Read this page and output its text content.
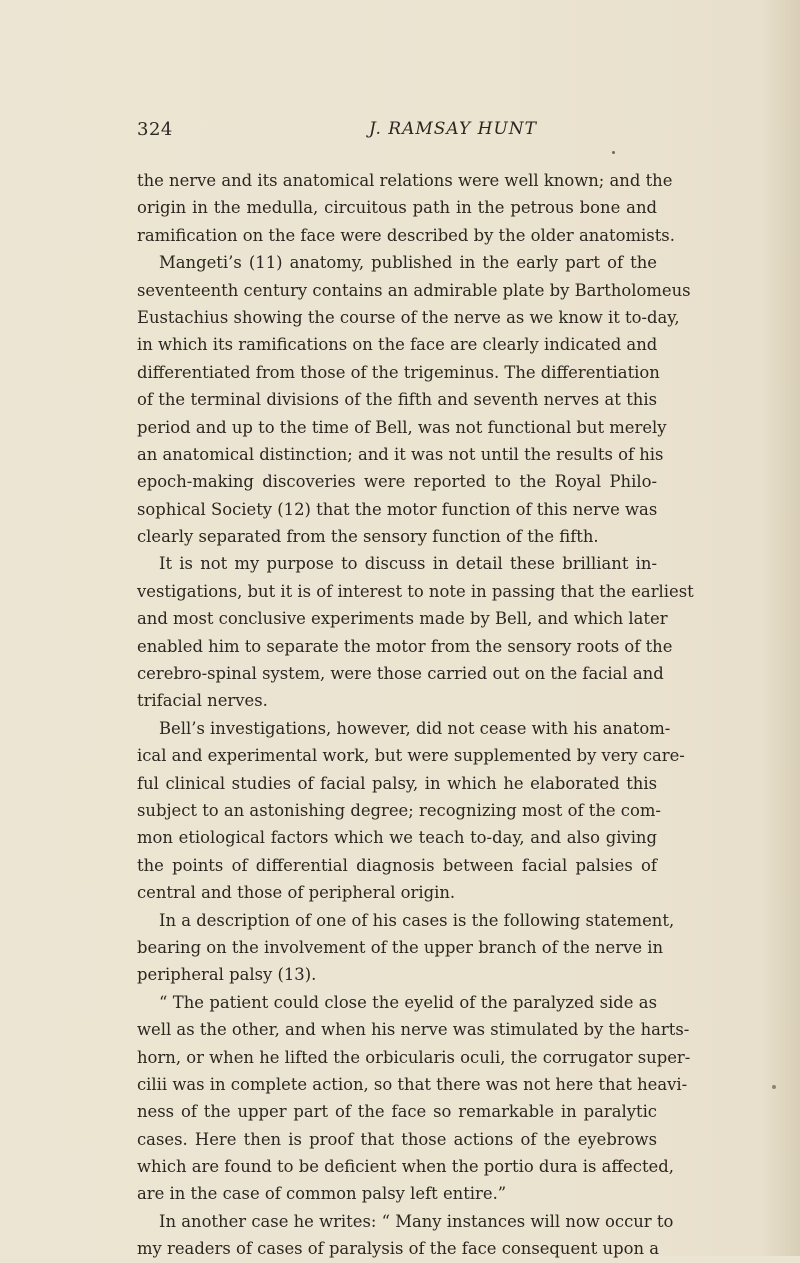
324	J. RAMSAY HUNT
the nerve and its anatomical relations were well known; and the
origin in the medulla, circuitous path in the petrous bone and
ramification on the face were described by the older anatomists.
Mangeti’s (11) anatomy, published in the early part of the
seventeenth century contains an admirable plate by Bartholomeus
Eustachius showing the course of the nerve as we know it to-day,
in which its ramifications on the face are clearly indicated and
differentiated from those of the trigeminus. The differentiation
of the terminal divisions of the fifth and seventh nerves at this
period and up to the time of Bell, was not functional but merely
an anatomical distinction; and it was not until the results of his
epoch-making discoveries were reported to the Royal Philo-
sophical Society (12) that the motor function of this nerve was
clearly separated from the sensory function of the fifth.
It is not my purpose to discuss in detail these brilliant in-
vestigations, but it is of interest to note in passing that the earliest
and most conclusive experiments made by Bell, and which later
enabled him to separate the motor from the sensory roots of the
cerebro-spinal system, were those carried out on the facial and
trifacial nerves.
Bell’s investigations, however, did not cease with his anatom-
ical and experimental work, but were supplemented by very care-
ful clinical studies of facial palsy, in which he elaborated this
subject to an astonishing degree; recognizing most of the com-
mon etiological factors which we teach to-day, and also giving
the points of differential diagnosis between facial palsies of
central and those of peripheral origin.
In a description of one of his cases is the following statement,
bearing on the involvement of the upper branch of the nerve in
peripheral palsy (13).
“ The patient could close the eyelid of the paralyzed side as
well as the other, and when his nerve was stimulated by the harts-
horn, or when he lifted the orbicularis oculi, the corrugator super-
cilii was in complete action, so that there was not here that heavi-
ness of the upper part of the face so remarkable in paralytic
cases. Here then is proof that those actions of the eyebrows
which are found to be deficient when the portio dura is affected,
are in the case of common palsy left entire.”
In another case he writes: “ Many instances will now occur to
my readers of cases of paralysis of the face consequent upon a
